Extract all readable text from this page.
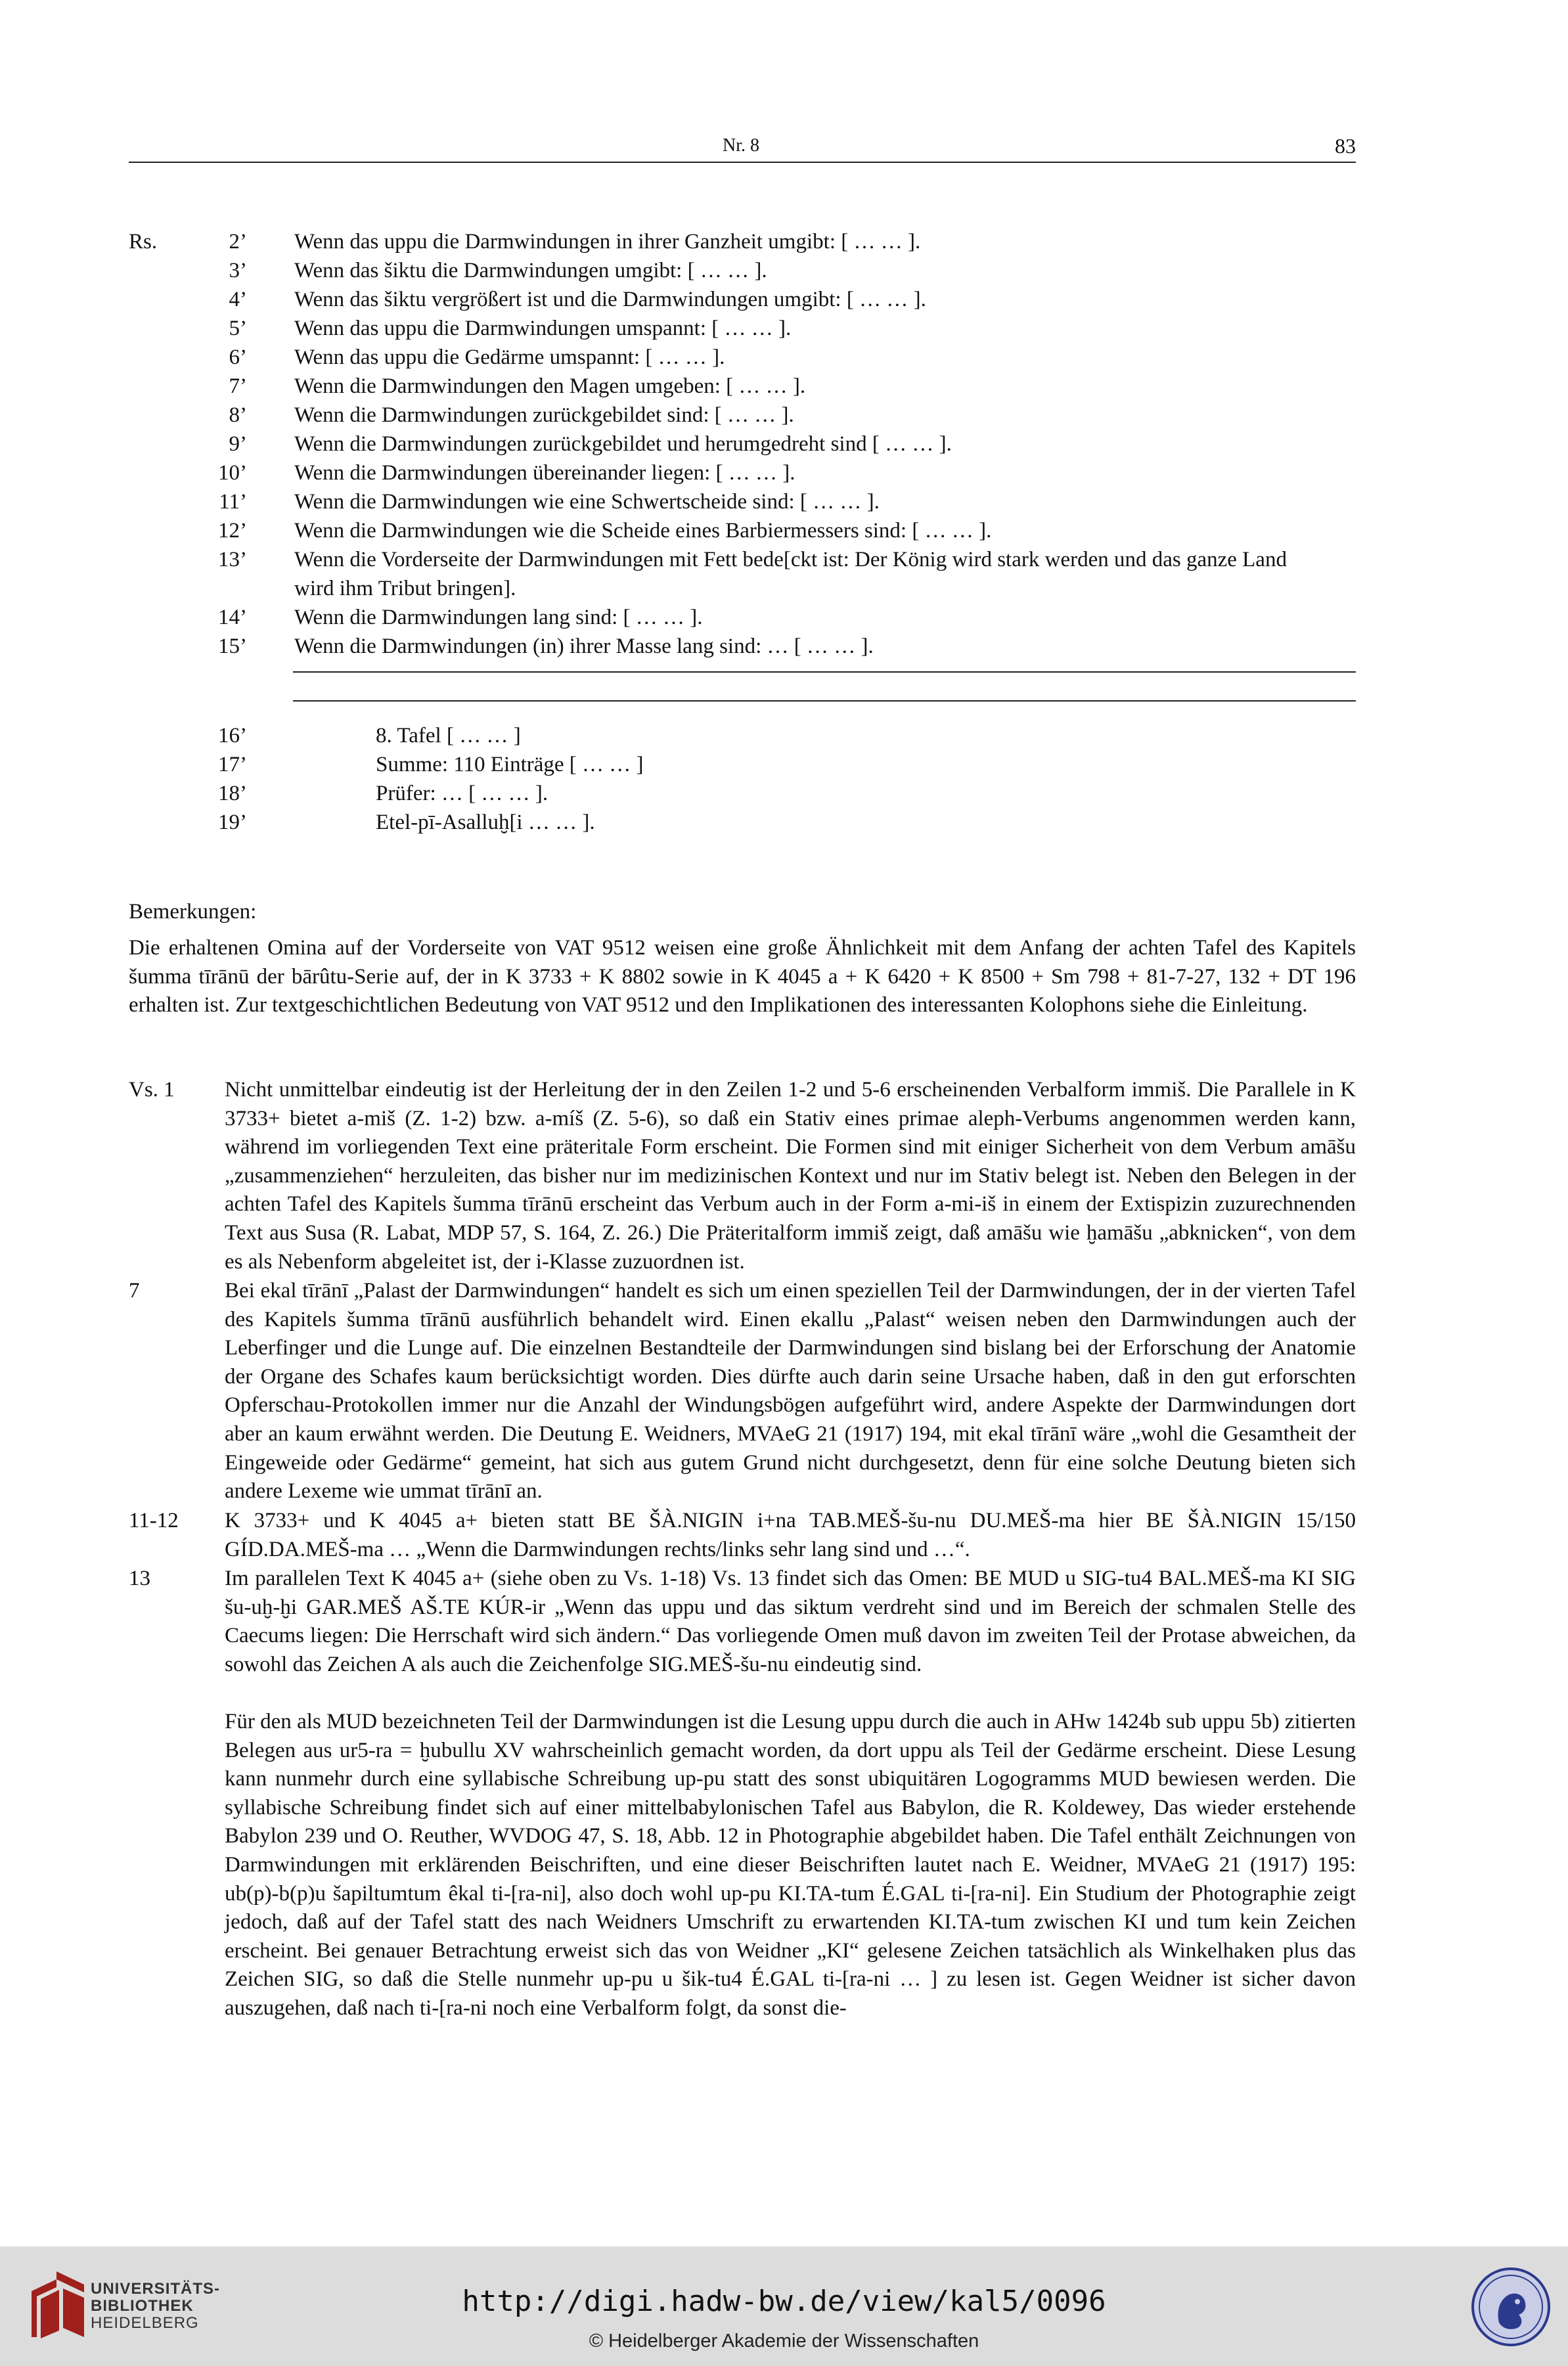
Nr. 8	83
Rs.	2’ Wenn das uppu die Darmwindungen in ihrer Ganzheit umgibt: [ … … ].
3’ Wenn das šiktu die Darmwindungen umgibt: [ … … ].
4’ Wenn das šiktu vergrößert ist und die Darmwindungen umgibt: [ … … ].
5’ Wenn das uppu die Darmwindungen umspannt: [ … … ].
6’ Wenn das uppu die Gedärme umspannt: [ … … ].
7’ Wenn die Darmwindungen den Magen umgeben: [ … … ].
8’ Wenn die Darmwindungen zurückgebildet sind: [ … … ].
9’ Wenn die Darmwindungen zurückgebildet und herumgedreht sind [ … … ].
10’ Wenn die Darmwindungen übereinander liegen: [ … … ].
11’ Wenn die Darmwindungen wie eine Schwertscheide sind: [ … … ].
12’ Wenn die Darmwindungen wie die Scheide eines Barbiermessers sind: [ … … ].
13’ Wenn die Vorderseite der Darmwindungen mit Fett bede[ckt ist: Der König wird stark werden und das ganze Land
wird ihm Tribut bringen].
14’ Wenn die Darmwindungen lang sind: [ … … ].
15’ Wenn die Darmwindungen (in) ihrer Masse lang sind: … [ … … ].
16’	8. Tafel [ … … ]
17’	Summe: 110 Einträge [ … … ]
18’	Prüfer: … [ … … ].
19’	Etel-pī-Asalluḫ[i … … ].
Bemerkungen:
Die erhaltenen Omina auf der Vorderseite von VAT 9512 weisen eine große Ähnlichkeit mit dem Anfang der achten Tafel des Kapitels šumma tīrānū der bārûtu-Serie auf, der in K 3733 + K 8802 sowie in K 4045 a + K 6420 + K 8500 + Sm 798 + 81-7-27, 132 + DT 196 erhalten ist. Zur textgeschichtlichen Bedeutung von VAT 9512 und den Implikationen des interessanten Kolophons siehe die Einleitung.
Vs. 1 Nicht unmittelbar eindeutig ist der Herleitung der in den Zeilen 1-2 und 5-6 erscheinenden Verbalform immiš. Die Parallele in K 3733+ bietet a-miš (Z. 1-2) bzw. a-míš (Z. 5-6), so daß ein Stativ eines primae aleph-Verbums angenommen werden kann, während im vorliegenden Text eine präteritale Form erscheint. Die Formen sind mit einiger Sicherheit von dem Verbum amāšu „zusammenziehen“ herzuleiten, das bisher nur im medizinischen Kontext und nur im Stativ belegt ist. Neben den Belegen in der achten Tafel des Kapitels šumma tīrānū erscheint das Verbum auch in der Form a-mi-iš in einem der Extispizin zuzurechnenden Text aus Susa (R. Labat, MDP 57, S. 164, Z. 26.) Die Präteritalform immiš zeigt, daß amāšu wie ḫamāšu „abknicken“, von dem es als Nebenform abgeleitet ist, der i-Klasse zuzuordnen ist.
7	Bei ekal tīrānī „Palast der Darmwindungen“ handelt es sich um einen speziellen Teil der Darmwindungen, der in der vierten Tafel des Kapitels šumma tīrānū ausführlich behandelt wird. Einen ekallu „Palast“ weisen neben den Darmwindungen auch der Leberfinger und die Lunge auf. Die einzelnen Bestandteile der Darmwindungen sind bislang bei der Erforschung der Anatomie der Organe des Schafes kaum berücksichtigt worden. Dies dürfte auch darin seine Ursache haben, daß in den gut erforschten Opferschau-Protokollen immer nur die Anzahl der Windungsbögen aufgeführt wird, andere Aspekte der Darmwindungen dort aber an kaum erwähnt werden. Die Deutung E. Weidners, MVAeG 21 (1917) 194, mit ekal tīrānī wäre „wohl die Gesamtheit der Eingeweide oder Gedärme“ gemeint, hat sich aus gutem Grund nicht durchgesetzt, denn für eine solche Deutung bieten sich andere Lexeme wie ummat tīrānī an.
11-12 K 3733+ und K 4045 a+ bieten statt BE ŠÀ.NIGIN i+na TAB.MEŠ-šu-nu DU.MEŠ-ma hier BE ŠÀ.NIGIN 15/150 GÍD.DA.MEŠ-ma … „Wenn die Darmwindungen rechts/links sehr lang sind und …“.
13	Im parallelen Text K 4045 a+ (siehe oben zu Vs. 1-18) Vs. 13 findet sich das Omen: BE MUD u SIG-tu4 BAL.MEŠ-ma KI SIG šu-uḫ-ḫi GAR.MEŠ AŠ.TE KÚR-ir „Wenn das uppu und das siktum verdreht sind und im Bereich der schmalen Stelle des Caecums liegen: Die Herrschaft wird sich ändern.“ Das vorliegende Omen muß davon im zweiten Teil der Protase abweichen, da sowohl das Zeichen A als auch die Zeichenfolge SIG.MEŠ-šu-nu eindeutig sind.
Für den als MUD bezeichneten Teil der Darmwindungen ist die Lesung uppu durch die auch in AHw 1424b sub uppu 5b) zitierten Belegen aus ur5-ra = ḫubullu XV wahrscheinlich gemacht worden, da dort uppu als Teil der Gedärme erscheint. Diese Lesung kann nunmehr durch eine syllabische Schreibung up-pu statt des sonst ubiquitären Logogramms MUD bewiesen werden. Die syllabische Schreibung findet sich auf einer mittelbabylonischen Tafel aus Babylon, die R. Koldewey, Das wieder erstehende Babylon 239 und O. Reuther, WVDOG 47, S. 18, Abb. 12 in Photographie abgebildet haben. Die Tafel enthält Zeichnungen von Darmwindungen mit erklärenden Beischriften, und eine dieser Beischriften lautet nach E. Weidner, MVAeG 21 (1917) 195: ub(p)-b(p)u šapiltumtum êkal ti-[ra-ni], also doch wohl up-pu KI.TA-tum É.GAL ti-[ra-ni]. Ein Studium der Photographie zeigt jedoch, daß auf der Tafel statt des nach Weidners Umschrift zu erwartenden KI.TA-tum zwischen KI und tum kein Zeichen erscheint. Bei genauer Betrachtung erweist sich das von Weidner „KI“ gelesene Zeichen tatsächlich als Winkelhaken plus das Zeichen SIG, so daß die Stelle nunmehr up-pu u šik-tu4 É.GAL ti-[ra-ni … ] zu lesen ist. Gegen Weidner ist sicher davon auszugehen, daß nach ti-[ra-ni noch eine Verbalform folgt, da sonst die-
UNIVERSITÄTS-
BIBLIOTHEK
HEIDELBERG
http://digi.hadw-bw.de/view/kal5/0096
© Heidelberger Akademie der Wissenschaften
